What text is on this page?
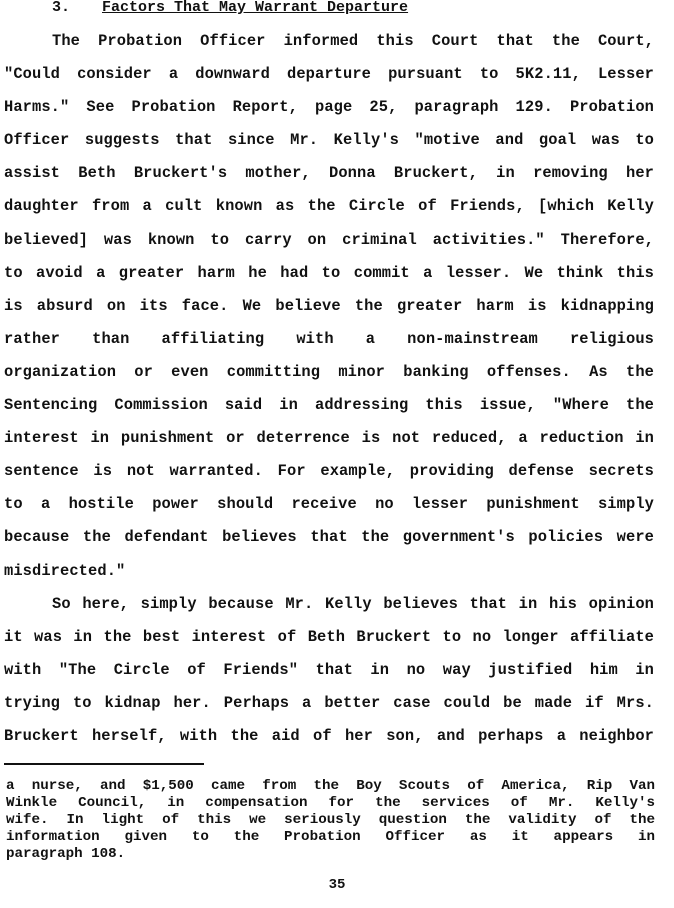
3. Factors That May Warrant Departure
The Probation Officer informed this Court that the Court,
"Could consider a downward departure pursuant to 5K2.11, Lesser
Harms." See Probation Report, page 25, paragraph 129. Probation
Officer suggests that since Mr. Kelly's "motive and goal was to
assist Beth Bruckert's mother, Donna Bruckert, in removing her
daughter from a cult known as the Circle of Friends, [which Kelly
believed] was known to carry on criminal activities." Therefore,
to avoid a greater harm he had to commit a lesser. We think this
is absurd on its face. We believe the greater harm is kidnapping
rather than affiliating with a non-mainstream religious
organization or even committing minor banking offenses. As the
Sentencing Commission said in addressing this issue, "Where the
interest in punishment or deterrence is not reduced, a reduction in
sentence is not warranted. For example, providing defense secrets
to a hostile power should receive no lesser punishment simply
because the defendant believes that the government's policies were
misdirected."
So here, simply because Mr. Kelly believes that in his opinion
it was in the best interest of Beth Bruckert to no longer affiliate
with "The Circle of Friends" that in no way justified him in
trying to kidnap her. Perhaps a better case could be made if Mrs.
Bruckert herself, with the aid of her son, and perhaps a neighbor
a nurse, and $1,500 came from the Boy Scouts of America, Rip Van
Winkle Council, in compensation for the services of Mr. Kelly's
wife. In light of this we seriously question the validity of the
information given to the Probation Officer as it appears in
paragraph 108.
35
